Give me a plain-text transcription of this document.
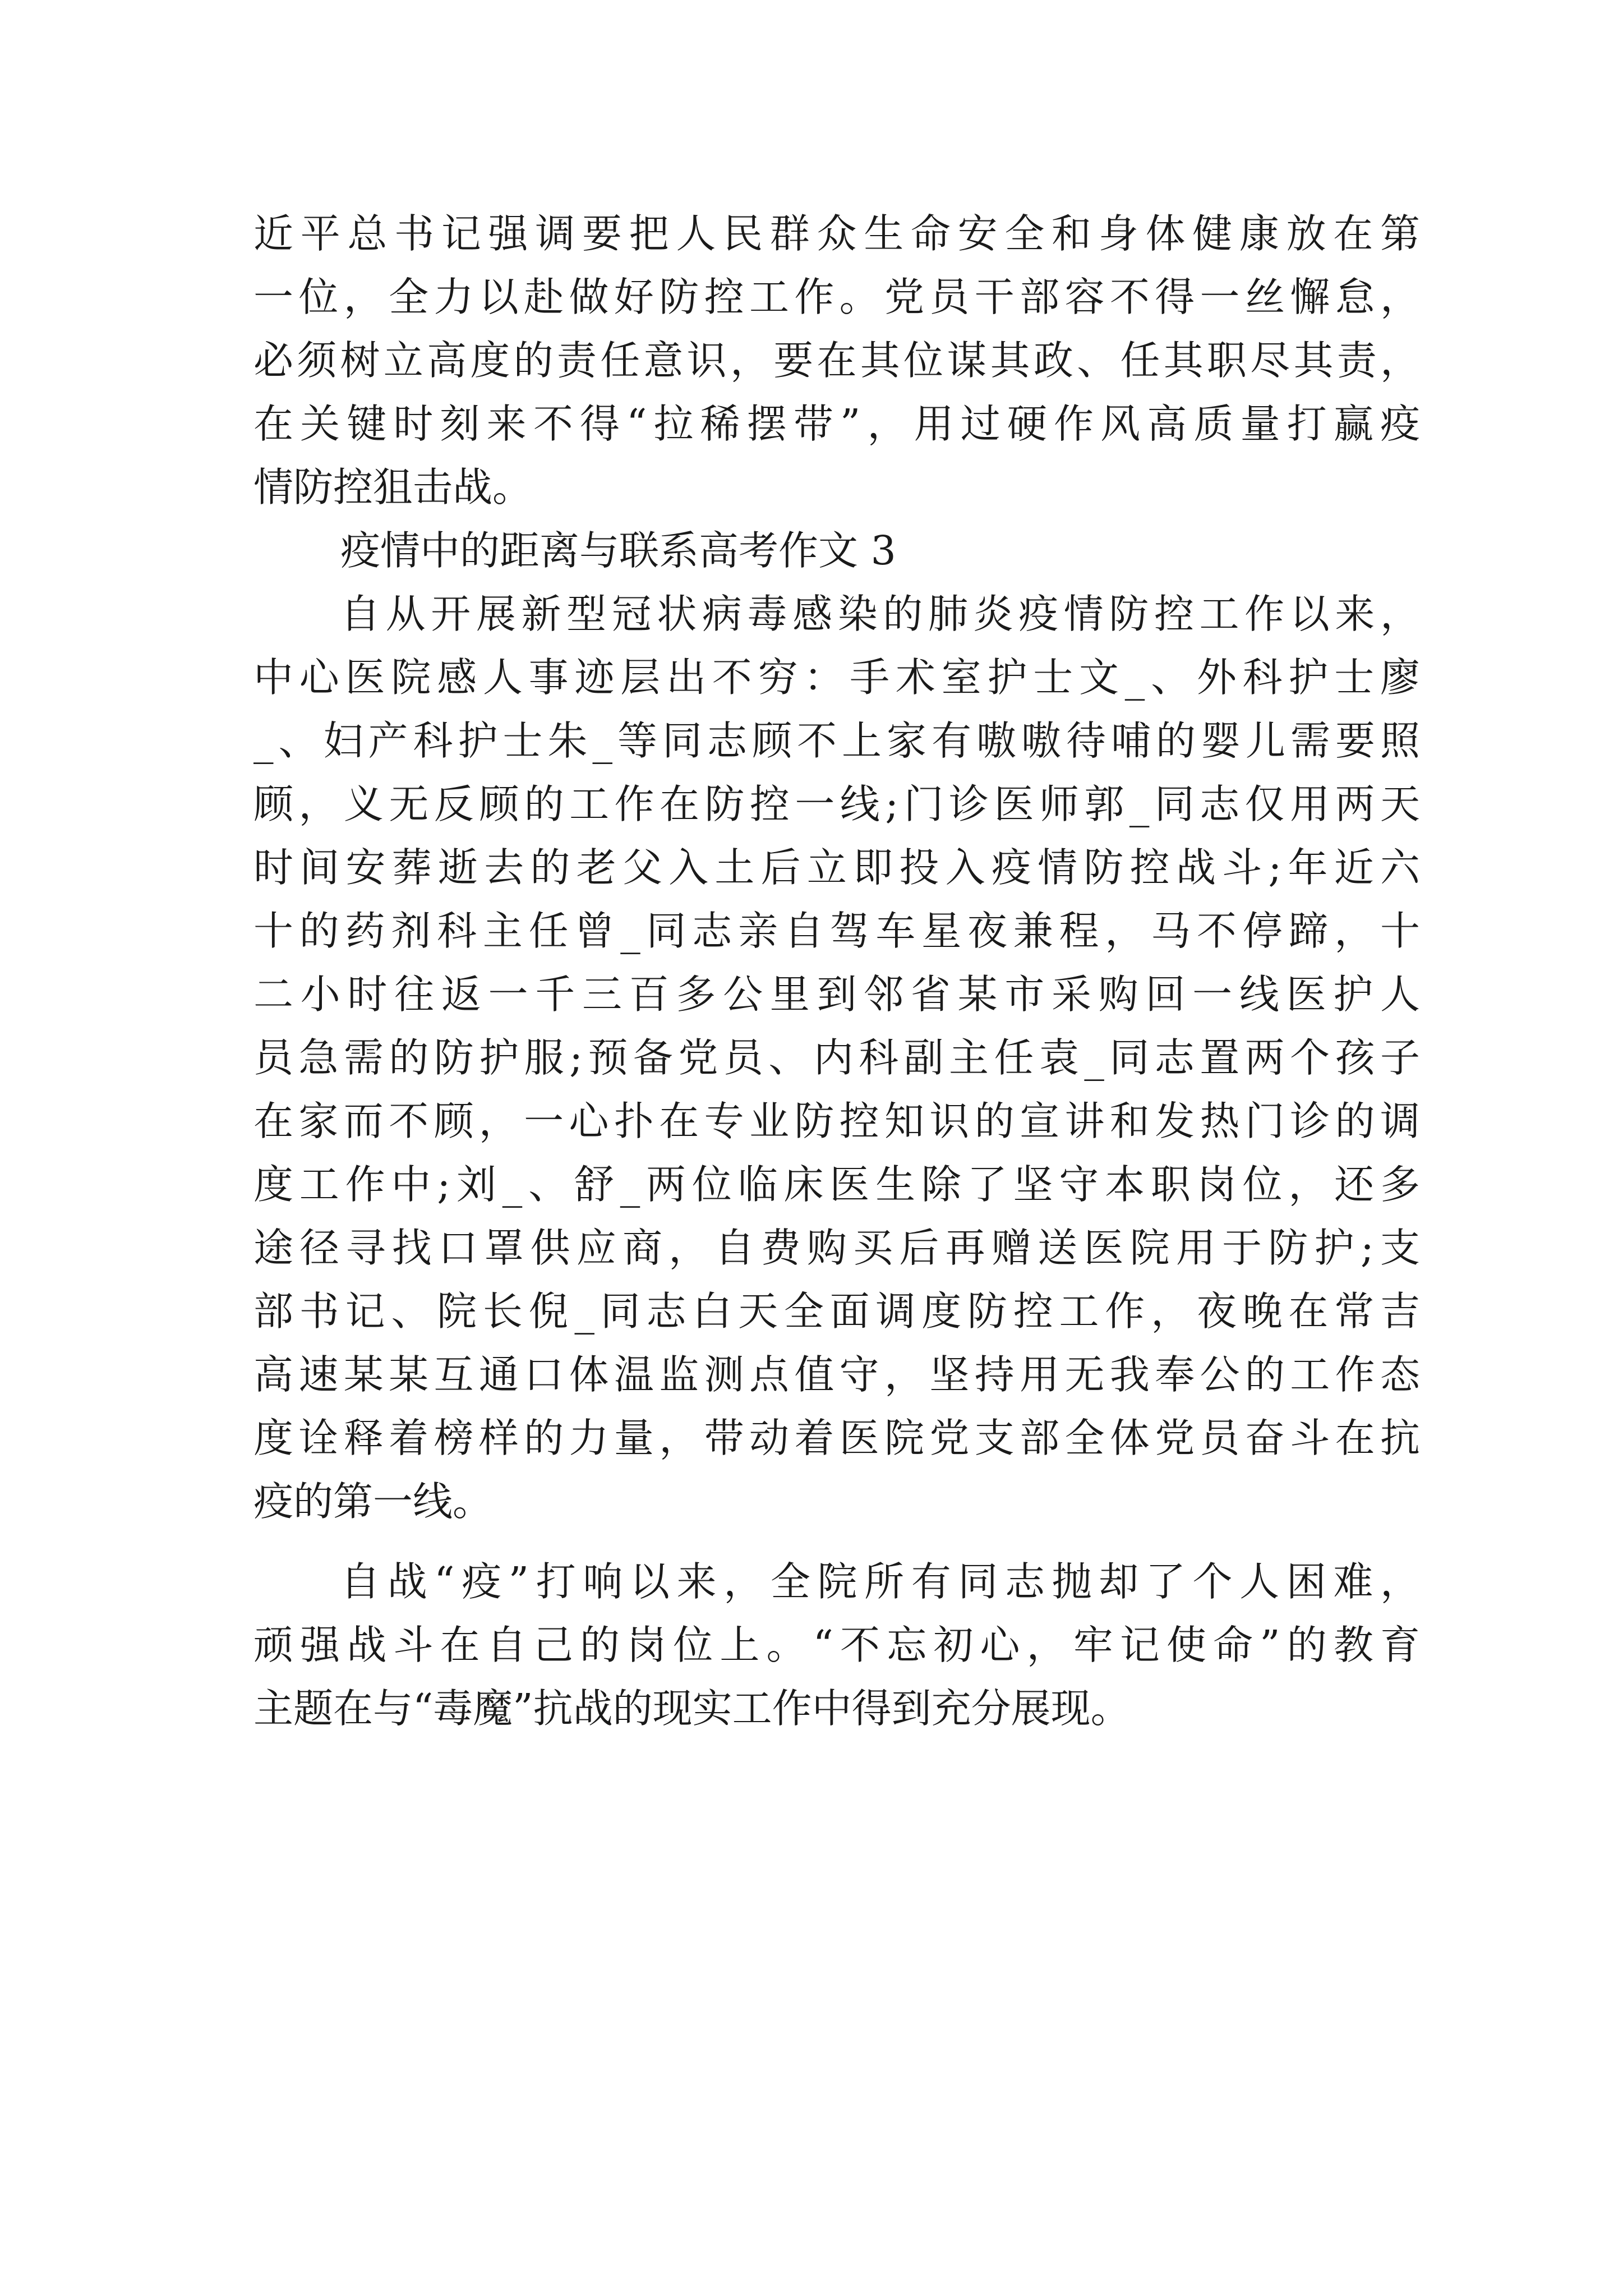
近平总书记强调要把人民群众生命安全和身体健康放在第
一位，全力以赴做好防控工作。党员干部容不得一丝懈怠，
必须树立高度的责任意识，要在其位谋其政、任其职尽其责，
在关键时刻来不得“拉稀摆带”，用过硬作风高质量打赢疫
情防控狙击战。
疫情中的距离与联系高考作文 3
自从开展新型冠状病毒感染的肺炎疫情防控工作以来，
中心医院感人事迹层出不穷：手术室护士文_、外科护士廖
_、妇产科护士朱_等同志顾不上家有嗷嗷待哺的婴儿需要照
顾，义无反顾的工作在防控一线;门诊医师郭_同志仅用两天
时间安葬逝去的老父入土后立即投入疫情防控战斗;年近六
十的药剂科主任曾_同志亲自驾车星夜兼程，马不停蹄，十
二小时往返一千三百多公里到邻省某市采购回一线医护人
员急需的防护服;预备党员、内科副主任袁_同志置两个孩子
在家而不顾，一心扑在专业防控知识的宣讲和发热门诊的调
度工作中;刘_、舒_两位临床医生除了坚守本职岗位，还多
途径寻找口罩供应商，自费购买后再赠送医院用于防护;支
部书记、院长倪_同志白天全面调度防控工作，夜晚在常吉
高速某某互通口体温监测点值守，坚持用无我奉公的工作态
度诠释着榜样的力量，带动着医院党支部全体党员奋斗在抗
疫的第一线。
自战“疫”打响以来，全院所有同志抛却了个人困难，
顽强战斗在自己的岗位上。“不忘初心，牢记使命”的教育
主题在与“毒魔”抗战的现实工作中得到充分展现。
